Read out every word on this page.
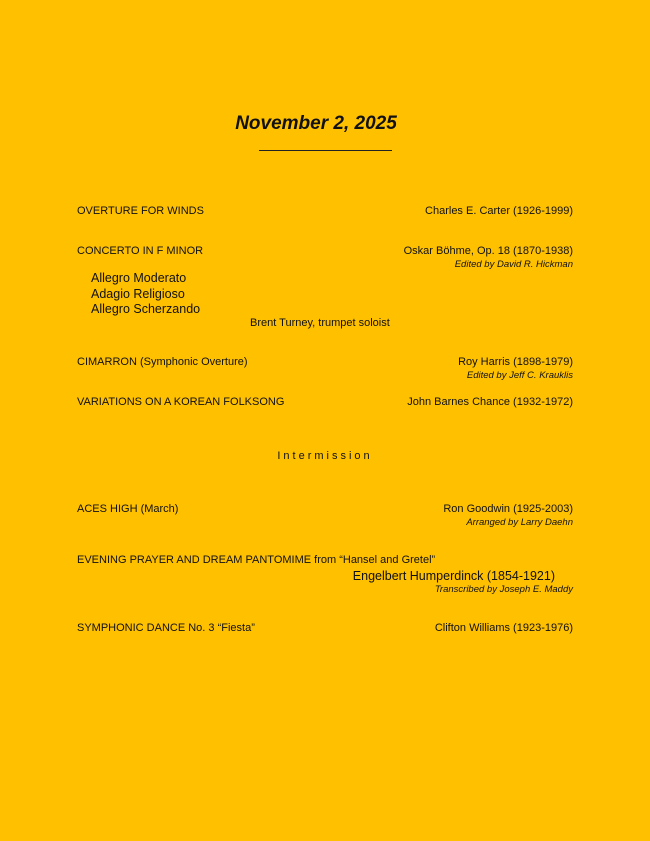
November 2, 2025
OVERTURE FOR WINDS	Charles E. Carter (1926-1999)
CONCERTO IN F MINOR	Oskar Böhme, Op. 18 (1870-1938)
Edited by David R. Hickman
Allegro Moderato
Adagio Religioso
Allegro Scherzando
Brent Turney, trumpet soloist
CIMARRON (Symphonic Overture)	Roy Harris (1898-1979)
Edited by Jeff C. Krauklis
VARIATIONS ON A KOREAN FOLKSONG	John Barnes Chance (1932-1972)
Intermission
ACES HIGH (March)	Ron Goodwin (1925-2003)
Arranged by Larry Daehn
EVENING PRAYER AND DREAM PANTOMIME from “Hansel and Gretel”
Engelbert Humperdinck (1854-1921)
Transcribed by Joseph E. Maddy
SYMPHONIC DANCE No. 3 “Fiesta”	Clifton Williams (1923-1976)
